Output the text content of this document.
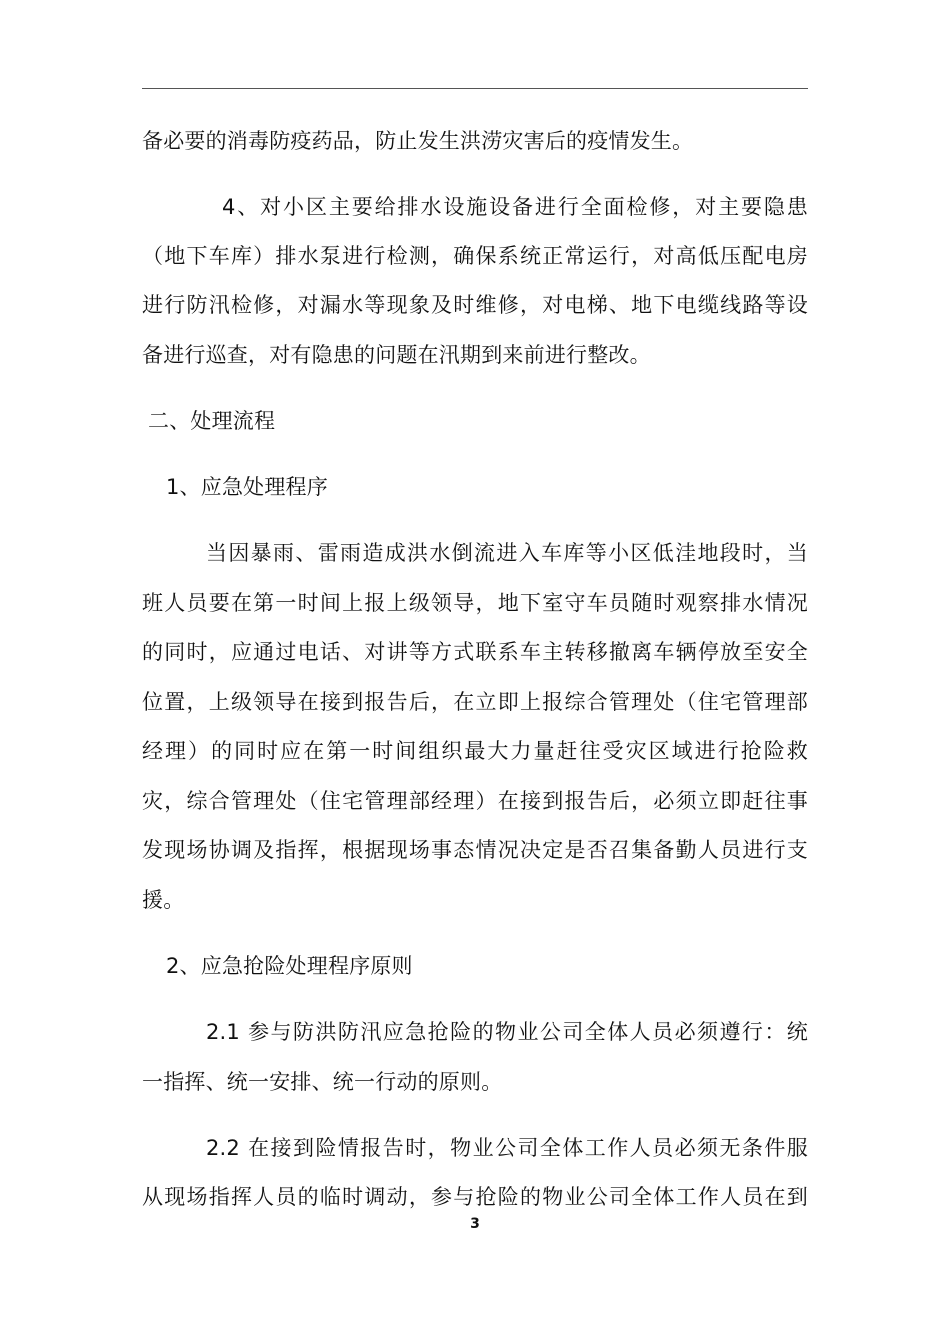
备必要的消毒防疫药品，防止发生洪涝灾害后的疫情发生。
4、对小区主要给排水设施设备进行全面检修，对主要隐患
（地下车库）排水泵进行检测，确保系统正常运行，对高低压配电房
进行防汛检修，对漏水等现象及时维修，对电梯、地下电缆线路等设
备进行巡查，对有隐患的问题在汛期到来前进行整改。
二、处理流程
1、应急处理程序
当因暴雨、雷雨造成洪水倒流进入车库等小区低洼地段时，当
班人员要在第一时间上报上级领导，地下室守车员随时观察排水情况
的同时，应通过电话、对讲等方式联系车主转移撤离车辆停放至安全
位置，上级领导在接到报告后，在立即上报综合管理处（住宅管理部
经理）的同时应在第一时间组织最大力量赶往受灾区域进行抢险救
灾，综合管理处（住宅管理部经理）在接到报告后，必须立即赶往事
发现场协调及指挥，根据现场事态情况决定是否召集备勤人员进行支
援。
2、应急抢险处理程序原则
2.1 参与防洪防汛应急抢险的物业公司全体人员必须遵行：统
一指挥、统一安排、统一行动的原则。
2.2 在接到险情报告时，物业公司全体工作人员必须无条件服
从现场指挥人员的临时调动，参与抢险的物业公司全体工作人员在到
3
